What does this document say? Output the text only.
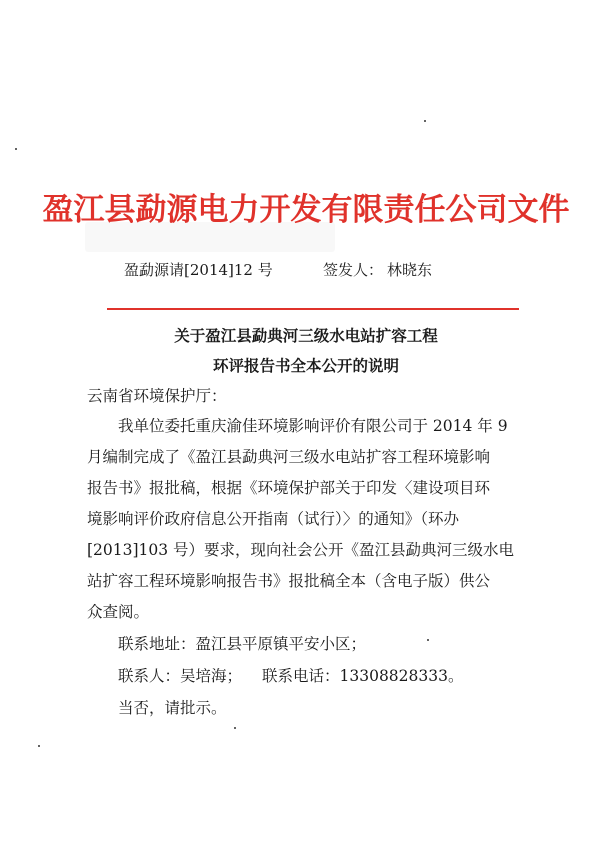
盈江县勐源电力开发有限责任公司文件
盈勐源请[2014]12 号	签发人： 林晓东
关于盈江县勐典河三级水电站扩容工程
环评报告书全本公开的说明
云南省环境保护厅：
我单位委托重庆渝佳环境影响评价有限公司于 2014 年 9
月编制完成了《盈江县勐典河三级水电站扩容工程环境影响
报告书》报批稿，根据《环境保护部关于印发〈建设项目环
境影响评价政府信息公开指南（试行）〉的通知》（环办
[2013]103 号）要求，现向社会公开《盈江县勐典河三级水电
站扩容工程环境影响报告书》报批稿全本（含电子版）供公
众查阅。
联系地址：盈江县平原镇平安小区；
联系人：吴培海； 联系电话：13308828333。
当否，请批示。
